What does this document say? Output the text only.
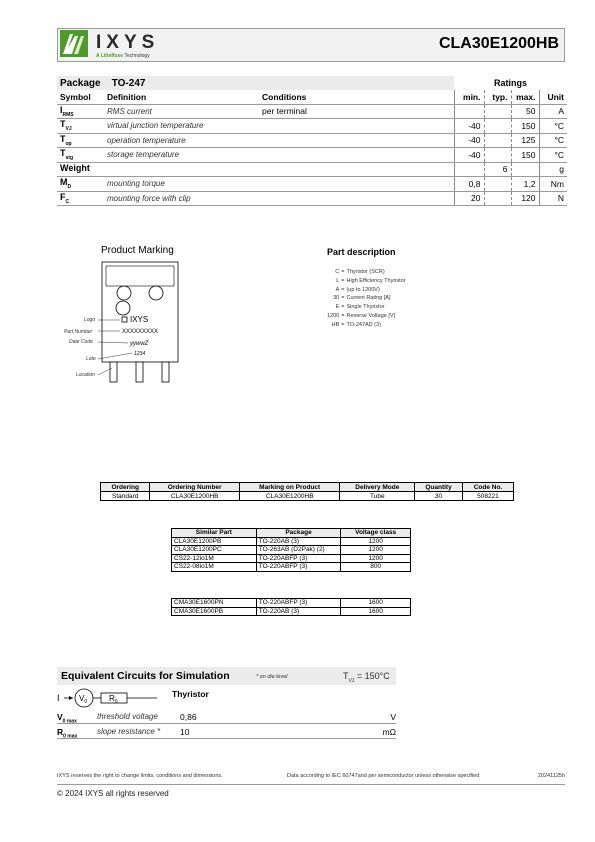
IXYS
A Littelfuse Technology
CLA30E1200HB
Package TO-247			Ratings			
Symbol	Definition	Conditions	min.	typ.	max.	Unit
$I_{RMS}$	RMS current	per terminal			50	A
$T_{VJ}$	virtual junction temperature		-40		150	°C
$T_{op}$	operation temperature		-40		125	°C
$T_{stg}$	storage temperature		-40		150	°C
Weight				6		g
$M_D$	mounting torque		0,8		1,2	Nm
$F_C$	mounting force with clip		20		120	N
Product Marking
IXYS
XXXXXXXXX
yywwZ
1234
Logo
Part Number
Date Code
Lote
Location
Part description
C	=	Thyristor (SCR)
L	=	High Efficiency Thyristor
A	=	(up to 1200V)
30	=	Current Rating [A]
E	=	Single Thyristor
1200	=	Reverse Voltage [V]
HB	=	TO-247AD (3)
Ordering	Ordering Number	Marking on Product	Delivery Mode	Quantity	Code No.
Standard	CLA30E1200HB	CLA30E1200HB	Tube	30	508221
Similar Part	Package	Voltage class
CLA30E1200PB	TO-220AB (3)	1200
CLA30E1200PC	TO-263AB (D2Pak) (2)	1200
CS22-12io1M	TO-220ABFP (3)	1200
CS22-08io1M	TO-220ABFP (3)	800
CMA30E1600PN	TO-220ABFP (3)	1600
CMA30E1600PB	TO-220AB (3)	1600
Equivalent Circuits for Simulation	* on die level	$T_{VJ} = 150^\circ C$
I $V_0$	$R_0$
Thyristor
$V_{0 max}$
threshold voltage	0,86	V
$R_{0 max}$
slope resistance * 10	mΩ
IXYS reserves the right to change limits, conditions and dimensions.	Data according to IEC 60747and per semiconductor unless otherwise specified	20241125h
© 2024 IXYS all rights reserved
